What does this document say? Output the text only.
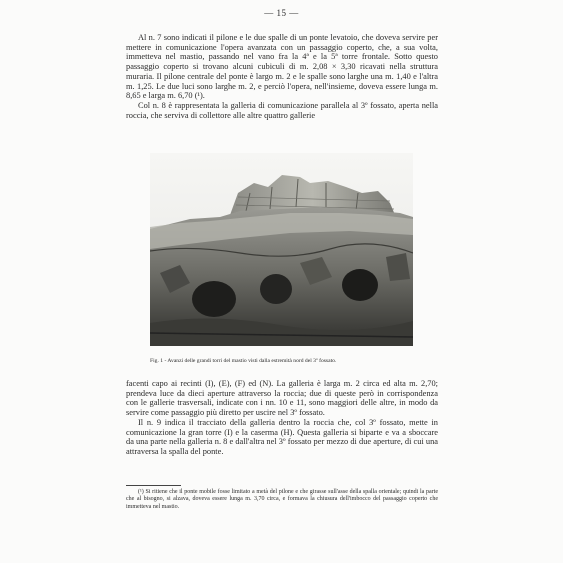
— 15 —

Al n. 7 sono indicati il pilone e le due spalle di un ponte levatoio, che doveva servire per mettere in comunicazione l'opera avanzata con un passaggio coperto, che, a sua volta, immetteva nel mastio, passando nel vano fra la 4ª e la 5ª torre frontale. Sotto questo passaggio coperto si trovano alcuni cubiculi di m. 2,08 × 3,30 ricavati nella struttura muraria. Il pilone centrale del ponte è largo m. 2 e le spalle sono larghe una m. 1,40 e l'altra m. 1,25. Le due luci sono larghe m. 2, e perciò l'opera, nell'insieme, doveva essere lunga m. 8,65 e larga m. 6,70 (¹).

Col n. 8 è rappresentata la galleria di comunicazione parallela al 3º fossato, aperta nella roccia, che serviva di collettore alle altre quattro gallerie

Fig. 1 - Avanzi delle grandi torri del mastio visti dalla estremità nord del 3º fossato.

facenti capo ai recinti (I), (E), (F) ed (N). La galleria è larga m. 2 circa ed alta m. 2,70; prendeva luce da dieci aperture attraverso la roccia; due di queste però in corrispondenza con le gallerie trasversali, indicate con i nn. 10 e 11, sono maggiori delle altre, in modo da servire come passaggio più diretto per uscire nel 3º fossato.

Il n. 9 indica il tracciato della galleria dentro la roccia che, col 3º fossato, mette in comunicazione la gran torre (I) e la caserma (H). Questa galleria si biparte e va a sboccare da una parte nella galleria n. 8 e dall'altra nel 3º fossato per mezzo di due aperture, di cui una attraversa la spalla del ponte.

(¹) Si ritiene che il ponte mobile fosse limitato a metà del pilone e che girasse sull'asse della spalla orientale; quindi la parte che al bisogno, si alzava, doveva essere lunga m. 3,70 circa, e formava la chiusura dell'imbocco del passaggio coperto che immetteva nel mastio.
